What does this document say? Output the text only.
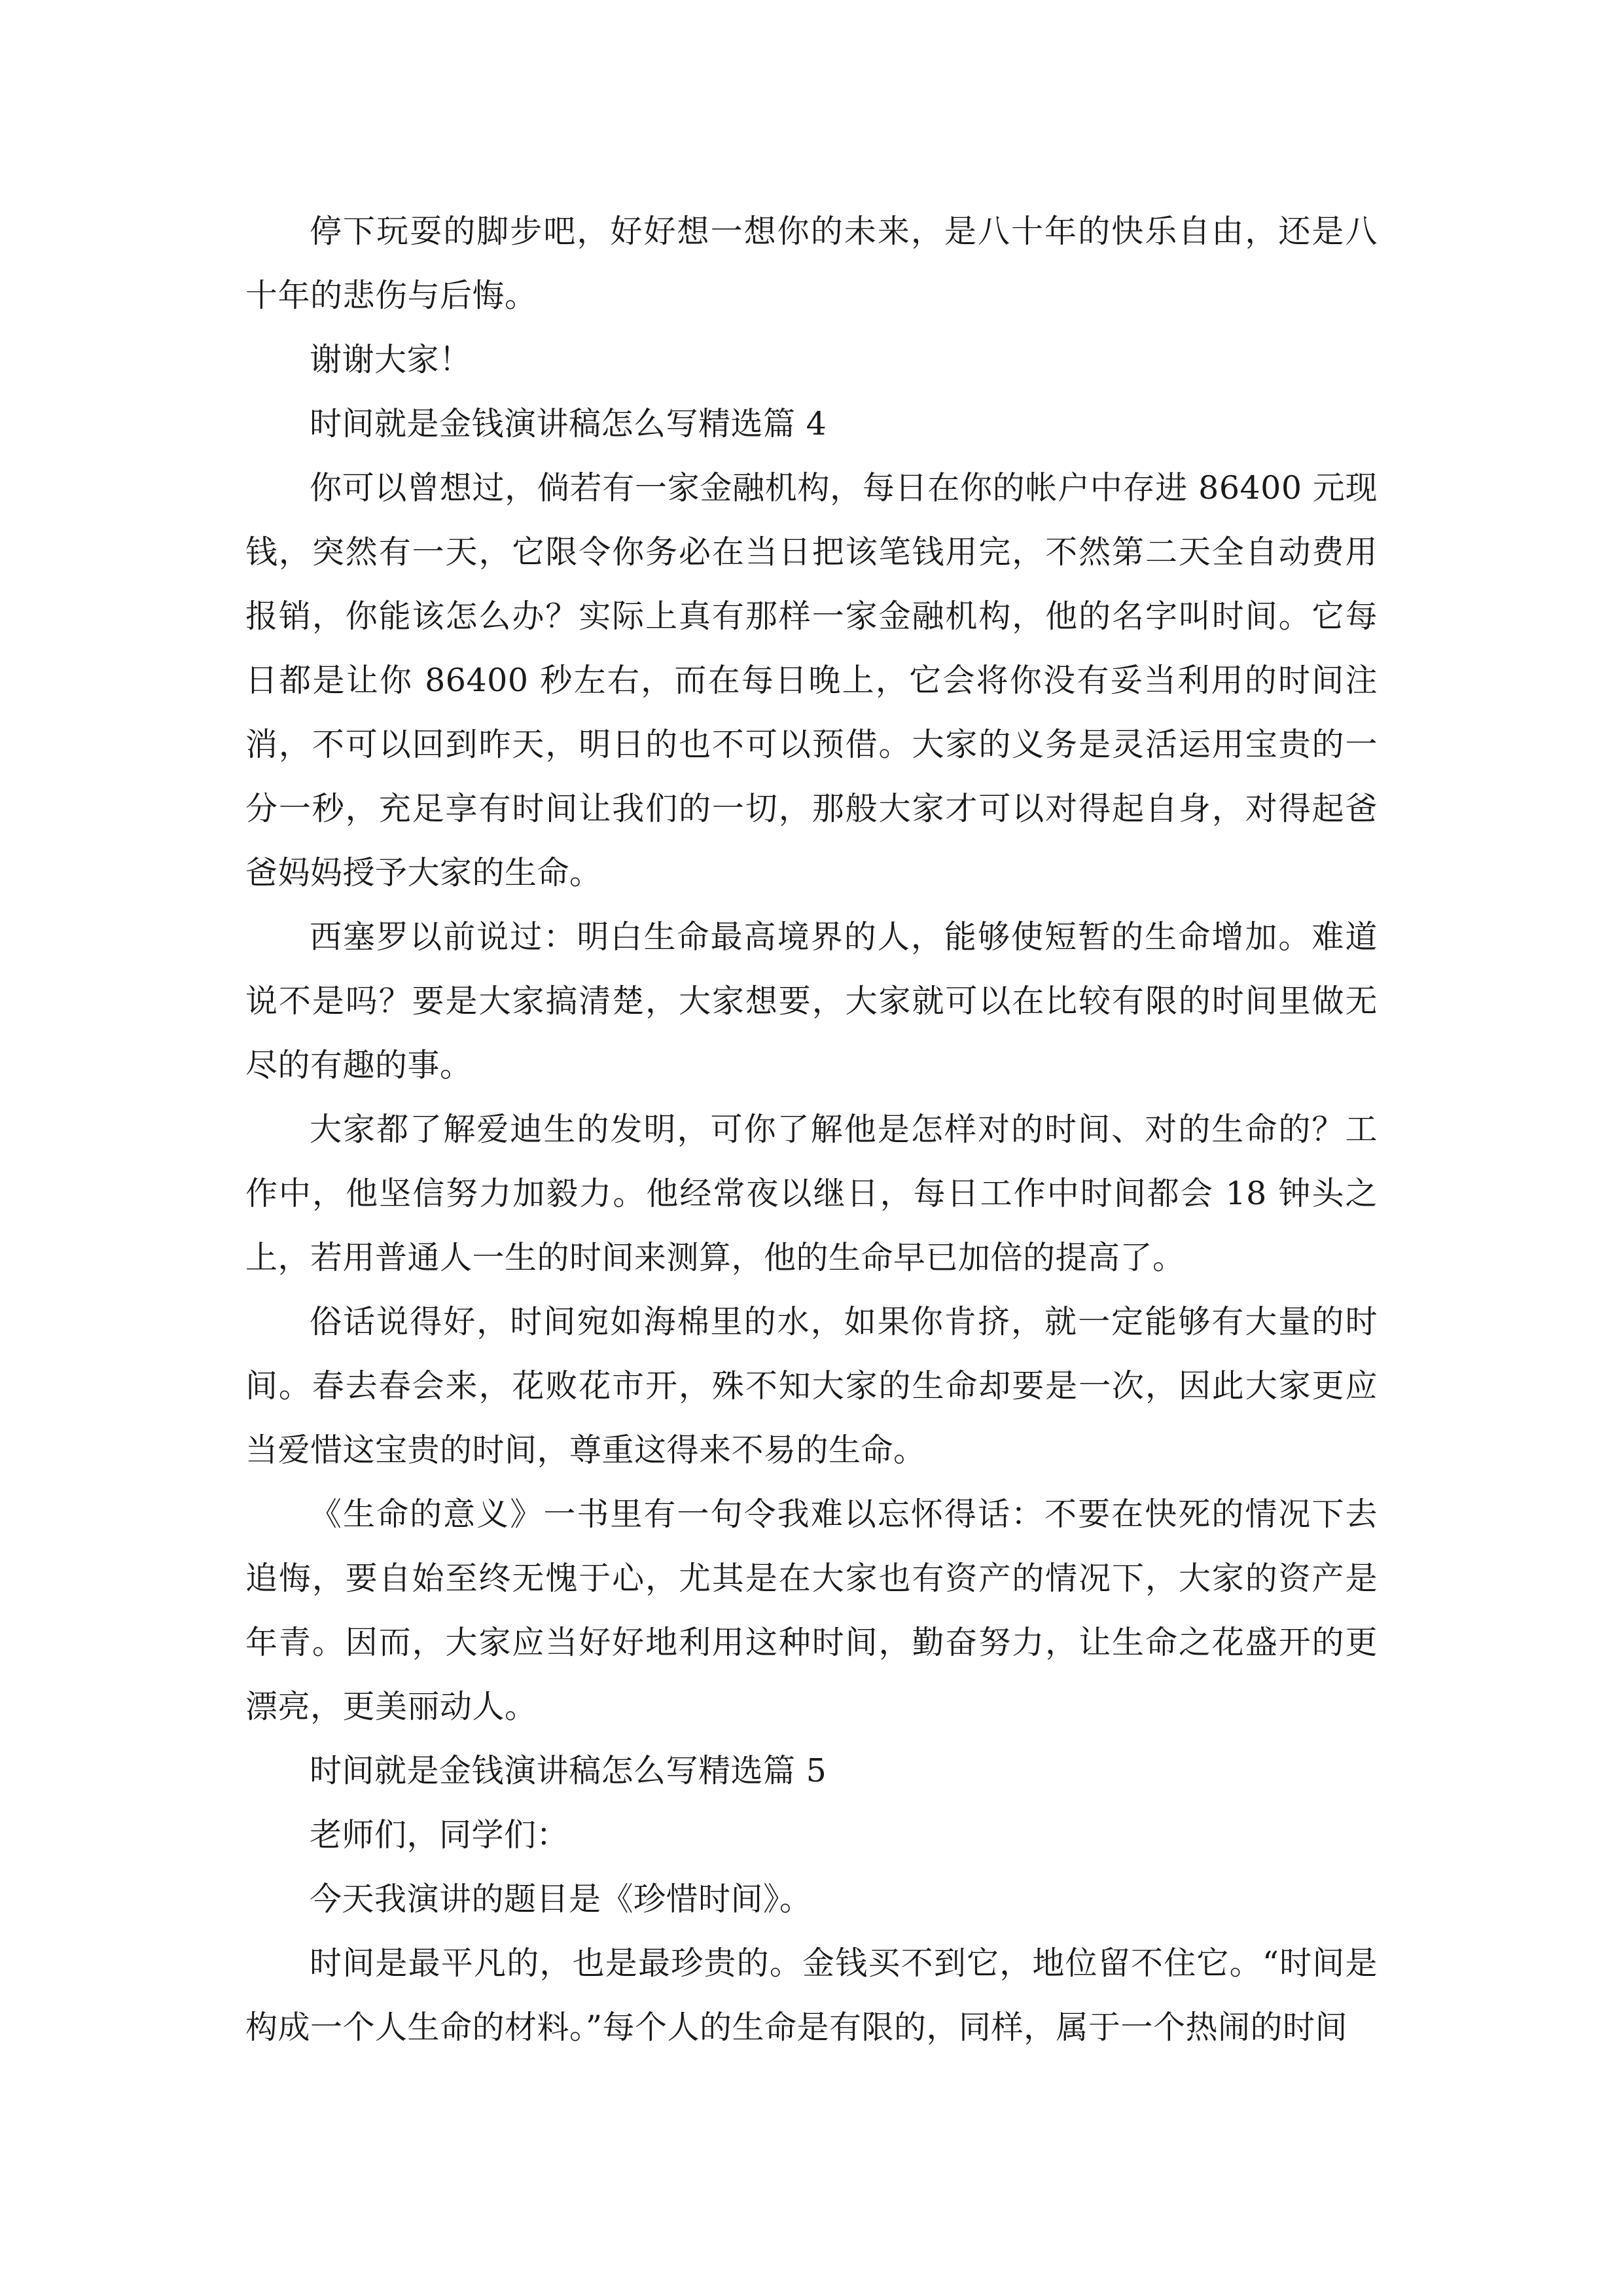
停下玩耍的脚步吧，好好想一想你的未来，是八十年的快乐自由，还是八十年的悲伤与后悔。

谢谢大家！

时间就是金钱演讲稿怎么写精选篇 4

你可以曾想过，倘若有一家金融机构，每日在你的帐户中存进 86400 元现钱，突然有一天，它限令你务必在当日把该笔钱用完，不然第二天全自动费用报销，你能该怎么办？实际上真有那样一家金融机构，他的名字叫时间。它每日都是让你 86400 秒左右，而在每日晚上，它会将你没有妥当利用的时间注消，不可以回到昨天，明日的也不可以预借。大家的义务是灵活运用宝贵的一分一秒，充足享有时间让我们的一切，那般大家才可以对得起自身，对得起爸爸妈妈授予大家的生命。

西塞罗以前说过：明白生命最高境界的人，能够使短暂的生命增加。难道说不是吗？要是大家搞清楚，大家想要，大家就可以在比较有限的时间里做无尽的有趣的事。

大家都了解爱迪生的发明，可你了解他是怎样对的时间、对的生命的？工作中，他坚信努力加毅力。他经常夜以继日，每日工作中时间都会 18 钟头之上，若用普通人一生的时间来测算，他的生命早已加倍的提高了。

俗话说得好，时间宛如海棉里的水，如果你肯挤，就一定能够有大量的时间。春去春会来，花败花市开，殊不知大家的生命却要是一次，因此大家更应当爱惜这宝贵的时间，尊重这得来不易的生命。

《生命的意义》一书里有一句令我难以忘怀得话：不要在快死的情况下去追悔，要自始至终无愧于心，尤其是在大家也有资产的情况下，大家的资产是年青。因而，大家应当好好地利用这种时间，勤奋努力，让生命之花盛开的更漂亮，更美丽动人。

时间就是金钱演讲稿怎么写精选篇 5

老师们，同学们：

今天我演讲的题目是《珍惜时间》。

时间是最平凡的，也是最珍贵的。金钱买不到它，地位留不住它。“时间是构成一个人生命的材料。”每个人的生命是有限的，同样，属于一个热闹的时间
